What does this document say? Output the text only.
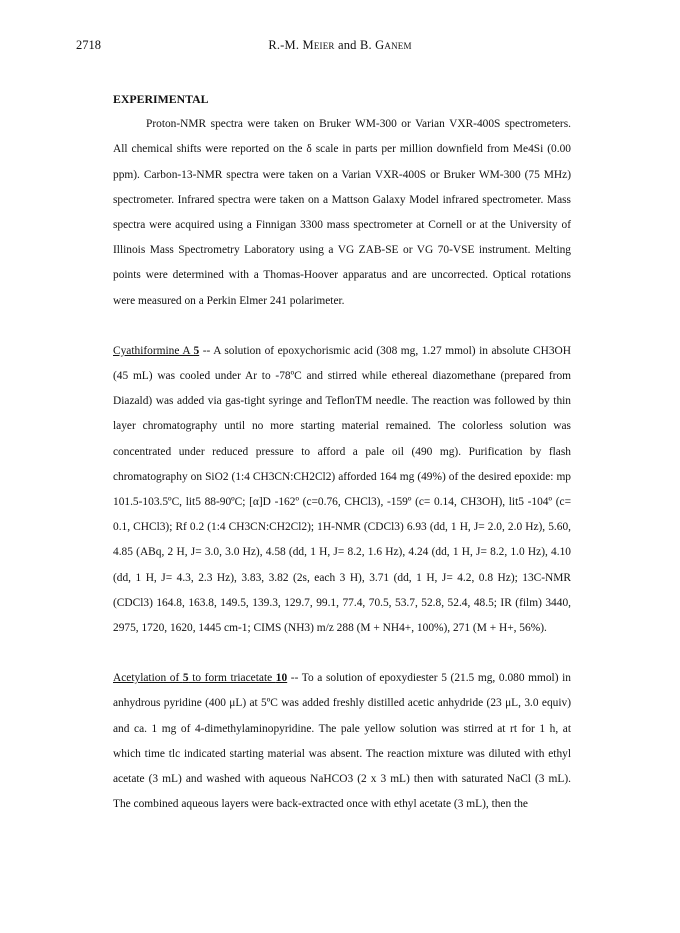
2718	R.-M. Meier and B. Ganem
EXPERIMENTAL

Proton-NMR spectra were taken on Bruker WM-300 or Varian VXR-400S spectrometers. All chemical shifts were reported on the δ scale in parts per million downfield from Me4Si (0.00 ppm). Carbon-13-NMR spectra were taken on a Varian VXR-400S or Bruker WM-300 (75 MHz) spectrometer. Infrared spectra were taken on a Mattson Galaxy Model infrared spectrometer. Mass spectra were acquired using a Finnigan 3300 mass spectrometer at Cornell or at the University of Illinois Mass Spectrometry Laboratory using a VG ZAB-SE or VG 70-VSE instrument. Melting points were determined with a Thomas-Hoover apparatus and are uncorrected. Optical rotations were measured on a Perkin Elmer 241 polarimeter.

Cyathiformine A 5 -- A solution of epoxychorismic acid (308 mg, 1.27 mmol) in absolute CH3OH (45 mL) was cooled under Ar to -78ºC and stirred while ethereal diazomethane (prepared from Diazald) was added via gas-tight syringe and TeflonTM needle. The reaction was followed by thin layer chromatography until no more starting material remained. The colorless solution was concentrated under reduced pressure to afford a pale oil (490 mg). Purification by flash chromatography on SiO2 (1:4 CH3CN:CH2Cl2) afforded 164 mg (49%) of the desired epoxide: mp 101.5-103.5ºC, lit5 88-90ºC; [α]D -162º (c=0.76, CHCl3), -159º (c= 0.14, CH3OH), lit5 -104º (c= 0.1, CHCl3); Rf 0.2 (1:4 CH3CN:CH2Cl2); 1H-NMR (CDCl3) 6.93 (dd, 1 H, J= 2.0, 2.0 Hz), 5.60, 4.85 (ABq, 2 H, J= 3.0, 3.0 Hz), 4.58 (dd, 1 H, J= 8.2, 1.6 Hz), 4.24 (dd, 1 H, J= 8.2, 1.0 Hz), 4.10 (dd, 1 H, J= 4.3, 2.3 Hz), 3.83, 3.82 (2s, each 3 H), 3.71 (dd, 1 H, J= 4.2, 0.8 Hz); 13C-NMR (CDCl3) 164.8, 163.8, 149.5, 139.3, 129.7, 99.1, 77.4, 70.5, 53.7, 52.8, 52.4, 48.5; IR (film) 3440, 2975, 1720, 1620, 1445 cm-1; CIMS (NH3) m/z 288 (M + NH4+, 100%), 271 (M + H+, 56%).

Acetylation of 5 to form triacetate 10 -- To a solution of epoxydiester 5 (21.5 mg, 0.080 mmol) in anhydrous pyridine (400 μL) at 5ºC was added freshly distilled acetic anhydride (23 μL, 3.0 equiv) and ca. 1 mg of 4-dimethylaminopyridine. The pale yellow solution was stirred at rt for 1 h, at which time tlc indicated starting material was absent. The reaction mixture was diluted with ethyl acetate (3 mL) and washed with aqueous NaHCO3 (2 x 3 mL) then with saturated NaCl (3 mL). The combined aqueous layers were back-extracted once with ethyl acetate (3 mL), then the
